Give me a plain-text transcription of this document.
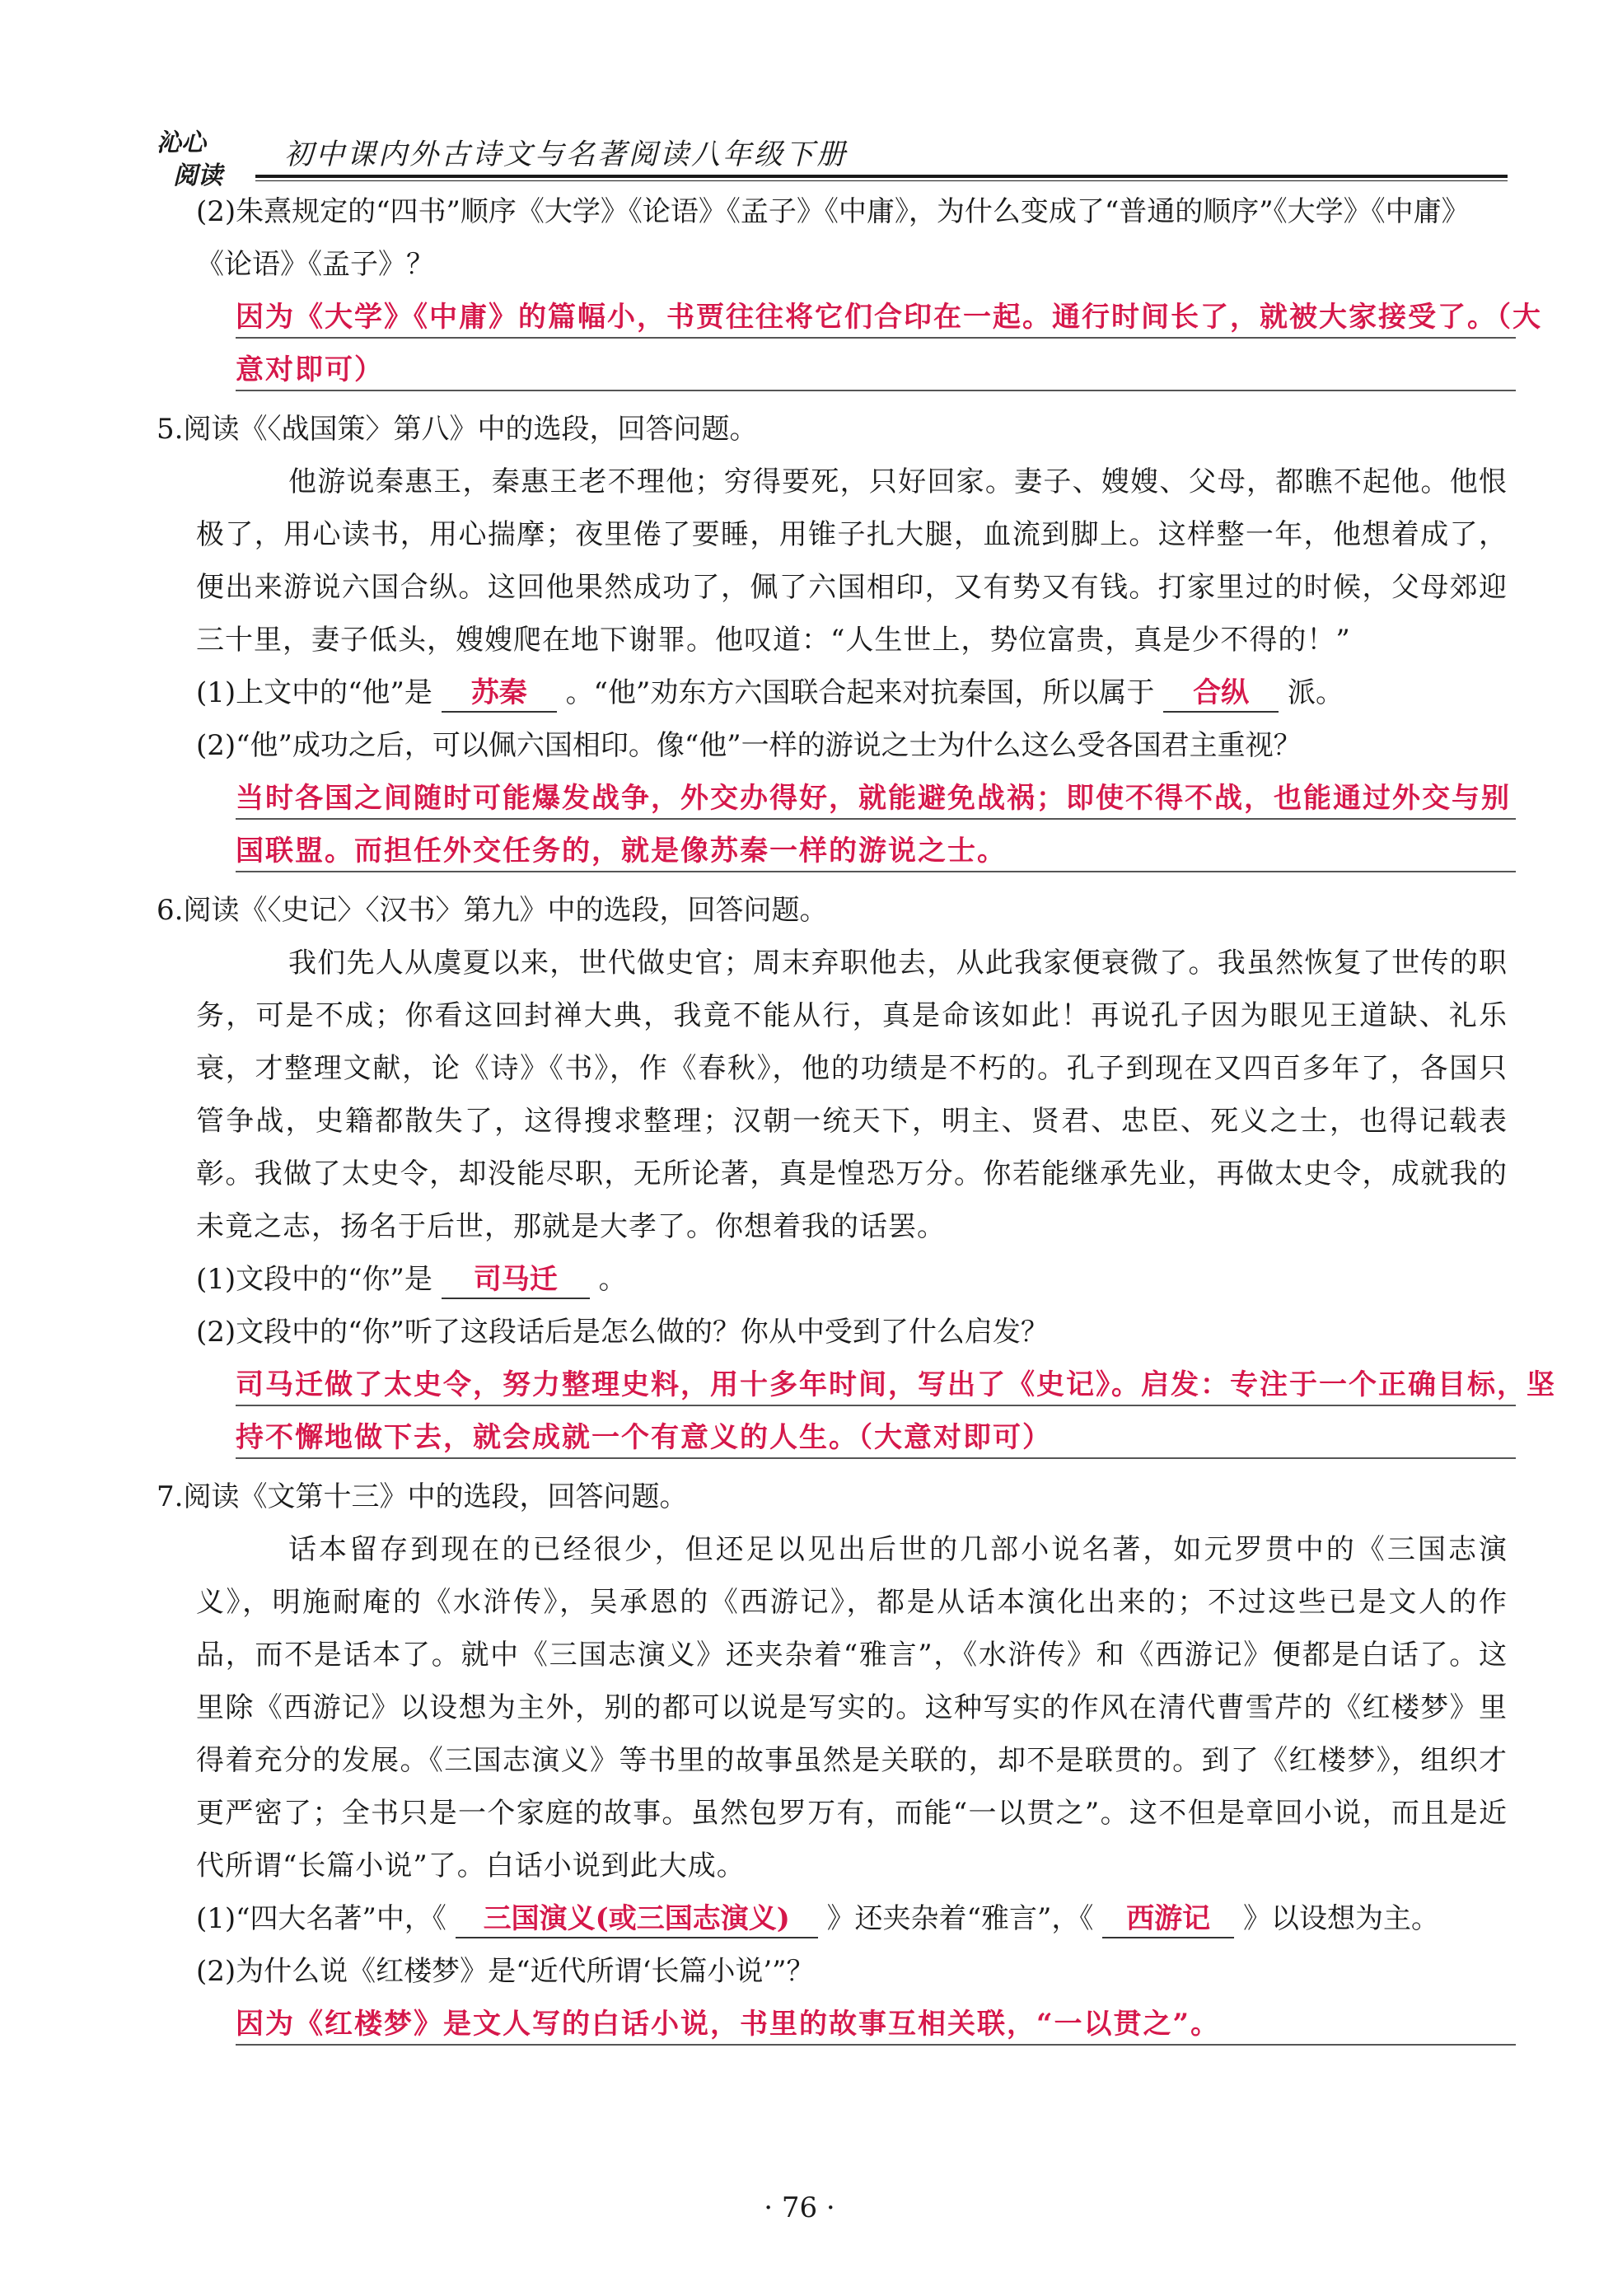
沁心
阅读
初中课内外古诗文与名著阅读八年级下册
(2)朱熹规定的“四书”顺序《大学》《论语》《孟子》《中庸》，为什么变成了“普通的顺序”《大学》《中庸》
《论语》《孟子》？
因为《大学》《中庸》的篇幅小，书贾往往将它们合印在一起。通行时间长了，就被大家接受了。（大
意对即可）
5.阅读《〈战国策〉第八》中的选段，回答问题。
他游说秦惠王，秦惠王老不理他；穷得要死，只好回家。妻子、嫂嫂、父母，都瞧不起他。他恨极了，用心读书，用心揣摩；夜里倦了要睡，用锥子扎大腿，血流到脚上。这样整一年，他想着成了，便出来游说六国合纵。这回他果然成功了，佩了六国相印，又有势又有钱。打家里过的时候，父母郊迎三十里，妻子低头，嫂嫂爬在地下谢罪。他叹道：“人生世上，势位富贵，真是少不得的！”
(1)上文中的“他”是 苏秦 。“他”劝东方六国联合起来对抗秦国，所以属于 合纵 派。
(2)“他”成功之后，可以佩六国相印。像“他”一样的游说之士为什么这么受各国君主重视？
当时各国之间随时可能爆发战争，外交办得好，就能避免战祸；即使不得不战，也能通过外交与别
国联盟。而担任外交任务的，就是像苏秦一样的游说之士。
6.阅读《〈史记〉〈汉书〉第九》中的选段，回答问题。
我们先人从虞夏以来，世代做史官；周末弃职他去，从此我家便衰微了。我虽然恢复了世传的职务，可是不成；你看这回封禅大典，我竟不能从行，真是命该如此！再说孔子因为眼见王道缺、礼乐衰，才整理文献，论《诗》《书》，作《春秋》，他的功绩是不朽的。孔子到现在又四百多年了，各国只管争战，史籍都散失了，这得搜求整理；汉朝一统天下，明主、贤君、忠臣、死义之士，也得记载表彰。我做了太史令，却没能尽职，无所论著，真是惶恐万分。你若能继承先业，再做太史令，成就我的未竟之志，扬名于后世，那就是大孝了。你想着我的话罢。
(1)文段中的“你”是 司马迁 。
(2)文段中的“你”听了这段话后是怎么做的？你从中受到了什么启发？
司马迁做了太史令，努力整理史料，用十多年时间，写出了《史记》。启发：专注于一个正确目标，坚
持不懈地做下去，就会成就一个有意义的人生。（大意对即可）
7.阅读《文第十三》中的选段，回答问题。
话本留存到现在的已经很少，但还足以见出后世的几部小说名著，如元罗贯中的《三国志演义》，明施耐庵的《水浒传》，吴承恩的《西游记》，都是从话本演化出来的；不过这些已是文人的作品，而不是话本了。就中《三国志演义》还夹杂着“雅言”，《水浒传》和《西游记》便都是白话了。这里除《西游记》以设想为主外，别的都可以说是写实的。这种写实的作风在清代曹雪芹的《红楼梦》里得着充分的发展。《三国志演义》等书里的故事虽然是关联的，却不是联贯的。到了《红楼梦》，组织才更严密了；全书只是一个家庭的故事。虽然包罗万有，而能“一以贯之”。这不但是章回小说，而且是近代所谓“长篇小说”了。白话小说到此大成。
(1)“四大名著”中，《 三国演义(或三国志演义) 》还夹杂着“雅言”，《 西游记 》以设想为主。
(2)为什么说《红楼梦》是“近代所谓‘长篇小说’”？
因为《红楼梦》是文人写的白话小说，书里的故事互相关联，“一以贯之”。
· 76 ·
